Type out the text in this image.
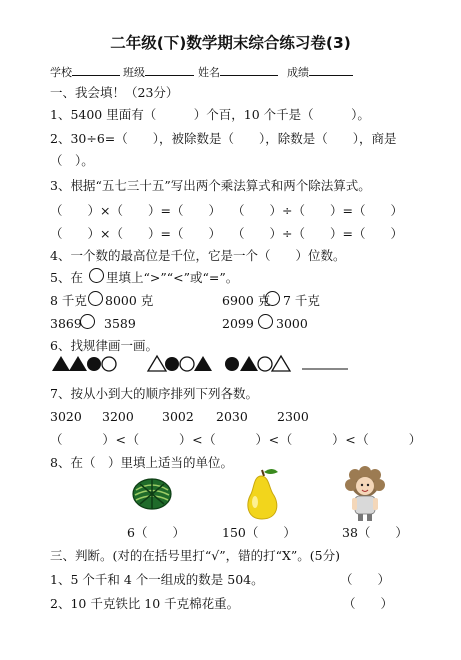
二年级(下)数学期末综合练习卷(3)
学校	班级	姓名	成绩
一、我会填！（23分）
1、5400 里面有（　　　）个百，10 个千是（　　　）。
2、30÷6=（　　），被除数是（　　），除数是（　　），商是
（　）。
3、根据“五七三十五”写出两个乘法算式和两个除法算式。
（　　）×（　　）=（　　） （　　）÷（　　）=（　　）
（　　）×（　　）=（　　） （　　）÷（　　）=（　　）
4、一个数的最高位是千位，它是一个（　　）位数。
5、在 里填上“>”“<”或“=”。
8 千克 8000 克	6900 克 7 千克
3869 3589	2099 3000
6、找规律画一画。
7、按从小到大的顺序排列下列各数。
3020 3200 3002 2030 2300
（　　　）<（　　　）<（　　　）<（　　　）<（　　　）
8、在（　）里填上适当的单位。
6（　　）	150（　　）	38（　　）
三、判断。(对的在括号里打“√”，错的打“X”。(5分)
1、5 个千和 4 个一组成的数是 504。	（　　）
2、10 千克铁比 10 千克棉花重。	（　　）
